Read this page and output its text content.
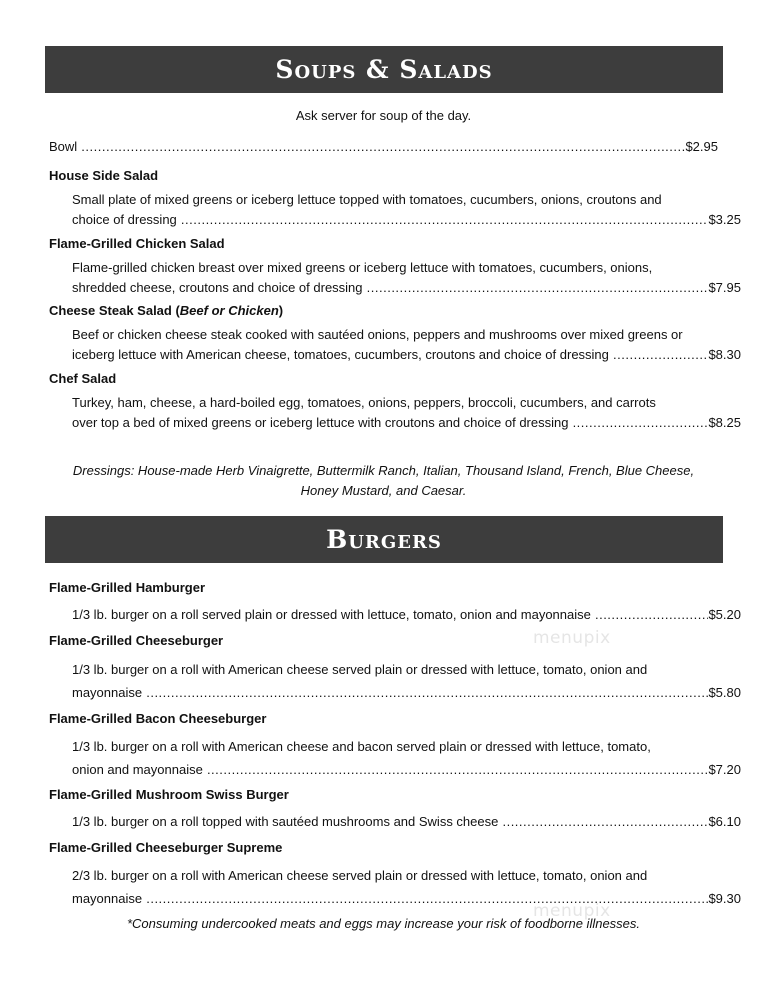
Soups & Salads
Ask server for soup of the day.
Bowl .....	$2.95
House Side Salad
Small plate of mixed greens or iceberg lettuce topped with tomatoes, cucumbers, onions, croutons and
choice of dressing .....	$3.25
Flame-Grilled Chicken Salad
Flame-grilled chicken breast over mixed greens or iceberg lettuce with tomatoes, cucumbers, onions,
shredded cheese, croutons and choice of dressing .....	$7.95
Cheese Steak Salad (Beef or Chicken)
Beef or chicken cheese steak cooked with sautéed onions, peppers and mushrooms over mixed greens or
iceberg lettuce with American cheese, tomatoes, cucumbers, croutons and choice of dressing .....	$8.30
Chef Salad
Turkey, ham, cheese, a hard-boiled egg, tomatoes, onions, peppers, broccoli, cucumbers, and carrots
over top a bed of mixed greens or iceberg lettuce with croutons and choice of dressing .....	$8.25
Dressings: House-made Herb Vinaigrette, Buttermilk Ranch, Italian, Thousand Island, French, Blue Cheese,
Honey Mustard, and Caesar.
Burgers
Flame-Grilled Hamburger
1/3 lb. burger on a roll served plain or dressed with lettuce, tomato, onion and mayonnaise .....	$5.20
Flame-Grilled Cheeseburger
1/3 lb. burger on a roll with American cheese served plain or dressed with lettuce, tomato, onion and
mayonnaise .....	$5.80
Flame-Grilled Bacon Cheeseburger
1/3 lb. burger on a roll with American cheese and bacon served plain or dressed with lettuce, tomato,
onion and mayonnaise .....	$7.20
Flame-Grilled Mushroom Swiss Burger
1/3 lb. burger on a roll topped with sautéed mushrooms and Swiss cheese .....	$6.10
Flame-Grilled Cheeseburger Supreme
2/3 lb. burger on a roll with American cheese served plain or dressed with lettuce, tomato, onion and
mayonnaise .....	$9.30
*Consuming undercooked meats and eggs may increase your risk of foodborne illnesses.
menupix
menupix
